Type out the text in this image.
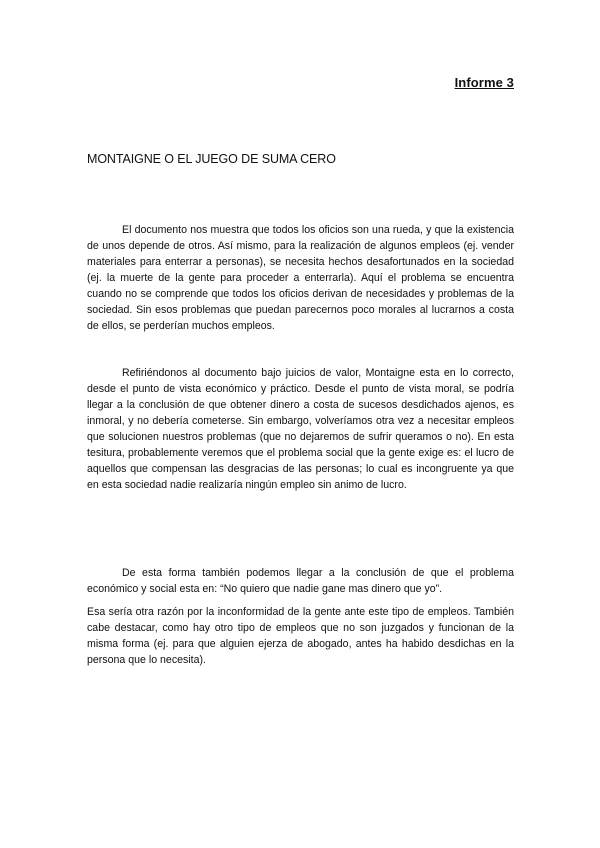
Informe 3
MONTAIGNE O EL JUEGO DE SUMA CERO

El documento nos muestra que todos los oficios son una rueda, y que la existencia de unos depende de otros. Así mismo, para la realización de algunos empleos (ej. vender materiales para enterrar a personas), se necesita hechos desafortunados en la sociedad (ej. la muerte de la gente para proceder a enterrarla). Aquí el problema se encuentra cuando no se comprende que todos los oficios derivan de necesidades y problemas de la sociedad. Sin esos problemas que puedan parecernos poco morales al lucrarnos a costa de ellos, se perderían muchos empleos.

Refiriéndonos al documento bajo juicios de valor, Montaigne esta en lo correcto, desde el punto de vista económico y práctico. Desde el punto de vista moral, se podría llegar a la conclusión de que obtener dinero a costa de sucesos desdichados ajenos, es inmoral, y no debería cometerse. Sin embargo, volveríamos otra vez a necesitar empleos que solucionen nuestros problemas (que no dejaremos de sufrir queramos o no). En esta tesitura, probablemente veremos que el problema social que la gente exige es: el lucro de aquellos que compensan las desgracias de las personas; lo cual es incongruente ya que en esta sociedad nadie realizaría ningún empleo sin animo de lucro.

De esta forma también podemos llegar a la conclusión de que el problema económico y social esta en: “No quiero que nadie gane mas dinero que yo”.

Esa sería otra razón por la inconformidad de la gente ante este tipo de empleos. También cabe destacar, como hay otro tipo de empleos que no son juzgados y funcionan de la misma forma (ej. para que alguien ejerza de abogado, antes ha habido desdichas en la persona que lo necesita).
